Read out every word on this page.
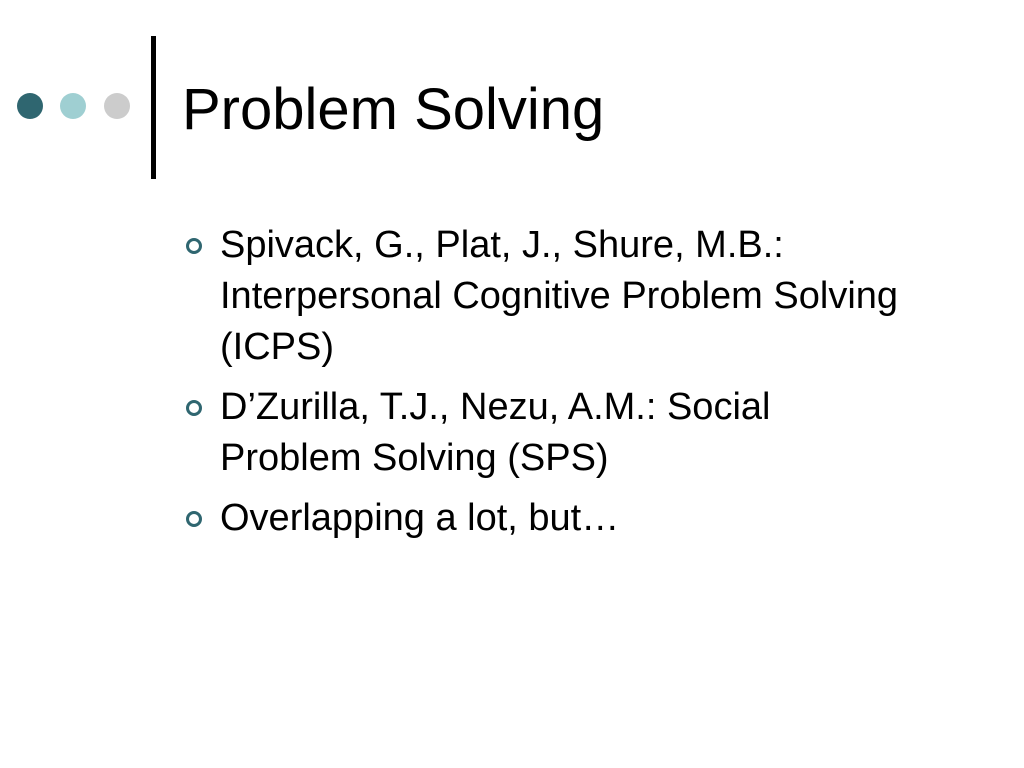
Problem Solving
Spivack, G., Plat, J., Shure, M.B.: Interpersonal Cognitive Problem Solving (ICPS)
D’Zurilla, T.J., Nezu, A.M.: Social Problem Solving (SPS)
Overlapping a lot, but…
